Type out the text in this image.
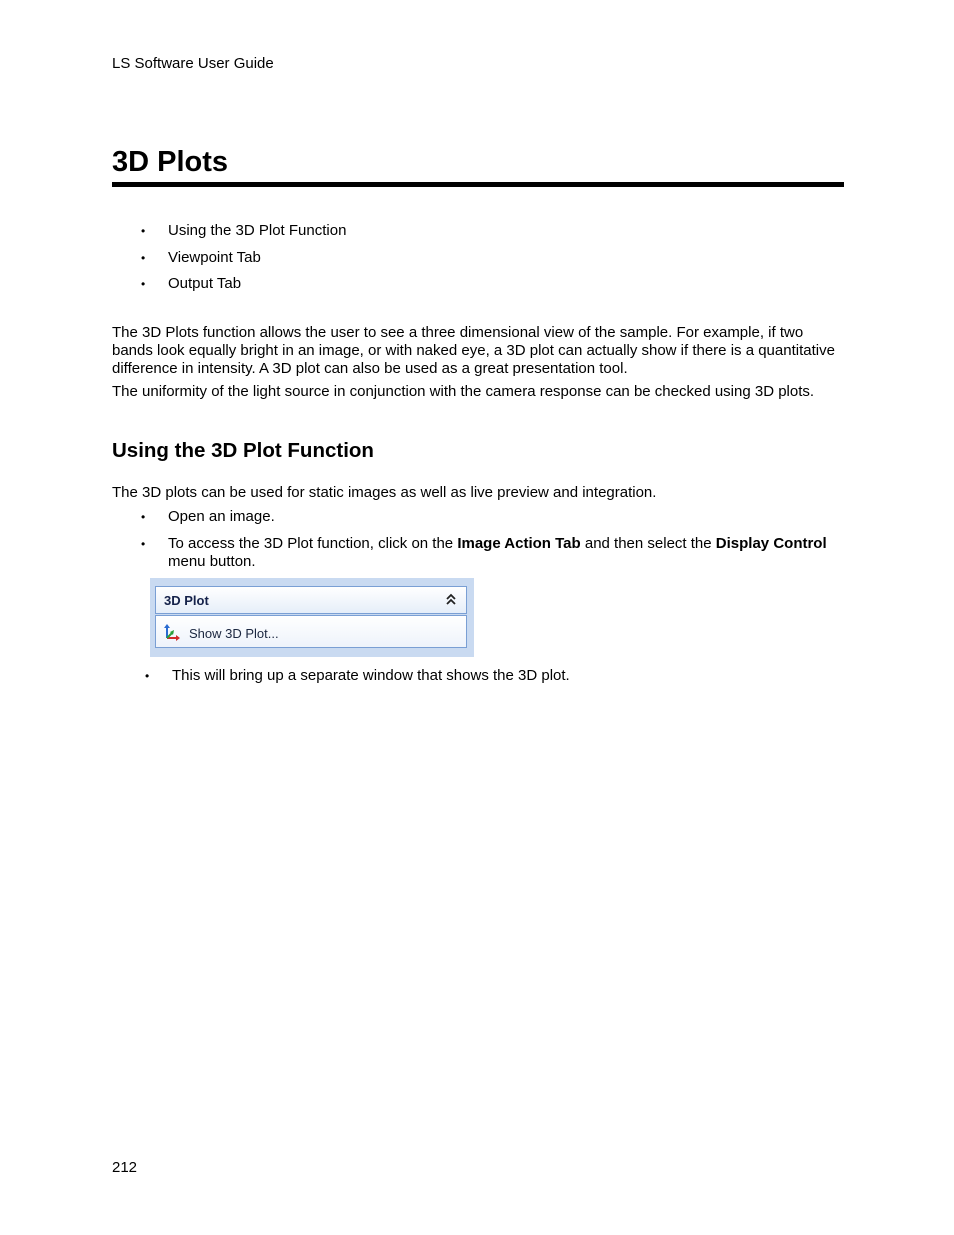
LS Software User Guide
3D Plots
• Using the 3D Plot Function
• Viewpoint Tab
• Output Tab

The 3D Plots function allows the user to see a three dimensional view of the sample. For example, if two bands look equally bright in an image, or with naked eye, a 3D plot can actually show if there is a quantitative difference in intensity. A 3D plot can also be used as a great presentation tool.

The uniformity of the light source in conjunction with the camera response can be checked using 3D plots.

Using the 3D Plot Function

The 3D plots can be used for static images as well as live preview and integration.

• Open an image.
• To access the 3D Plot function, click on the Image Action Tab and then select the Display Control menu button.
3D Plot
Show 3D Plot...
• This will bring up a separate window that shows the 3D plot.
212
